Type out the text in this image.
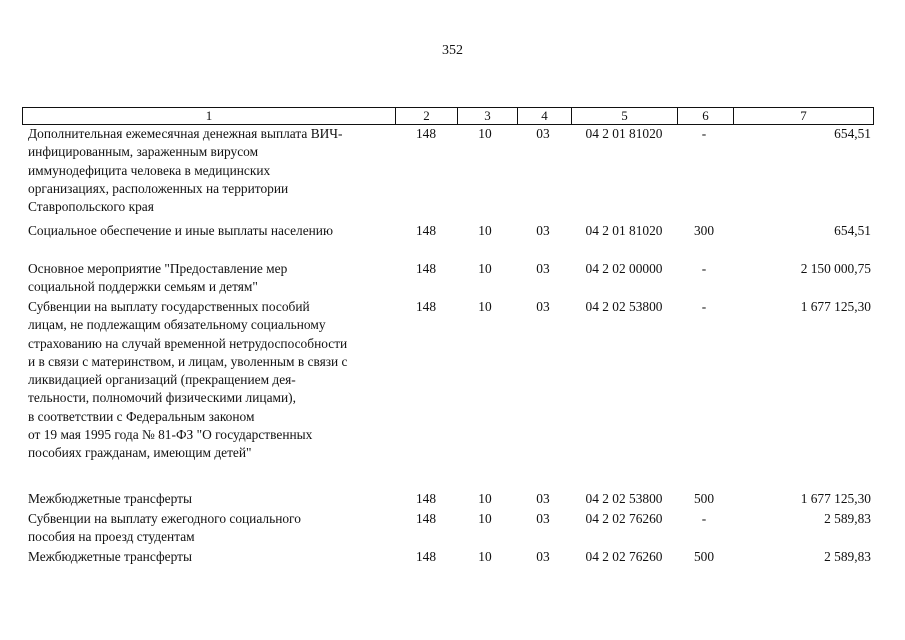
352
1	2	3	4	5	6	7
Дополнительная ежемесячная денежная выплата ВИЧ-
инфицированным, зараженным вирусом
иммунодефицита человека в медицинских
организациях, расположенных на территории
Ставропольского края
148	10	03	04 2 01 81020	-	654,51
Социальное обеспечение и иные выплаты населению	148	10	03	04 2 01 81020	300	654,51
Основное мероприятие "Предоставление мер
социальной поддержки семьям и детям"
148	10	03	04 2 02 00000	-	2 150 000,75
Субвенции на выплату государственных пособий
лицам, не подлежащим обязательному социальному
страхованию на случай временной нетрудоспособности
и в связи с материнством, и лицам, уволенным в связи с
ликвидацией организаций (прекращением дея-
тельности, полномочий физическими лицами),
в соответствии с Федеральным законом
от 19 мая 1995 года № 81-ФЗ "О государственных
пособиях гражданам, имеющим детей"
148	10	03	04 2 02 53800	-	1 677 125,30
Межбюджетные трансферты	148	10	03	04 2 02 53800	500	1 677 125,30
Субвенции на выплату ежегодного социального
пособия на проезд студентам
148	10	03	04 2 02 76260	-	2 589,83
Межбюджетные трансферты	148	10	03	04 2 02 76260	500	2 589,83
